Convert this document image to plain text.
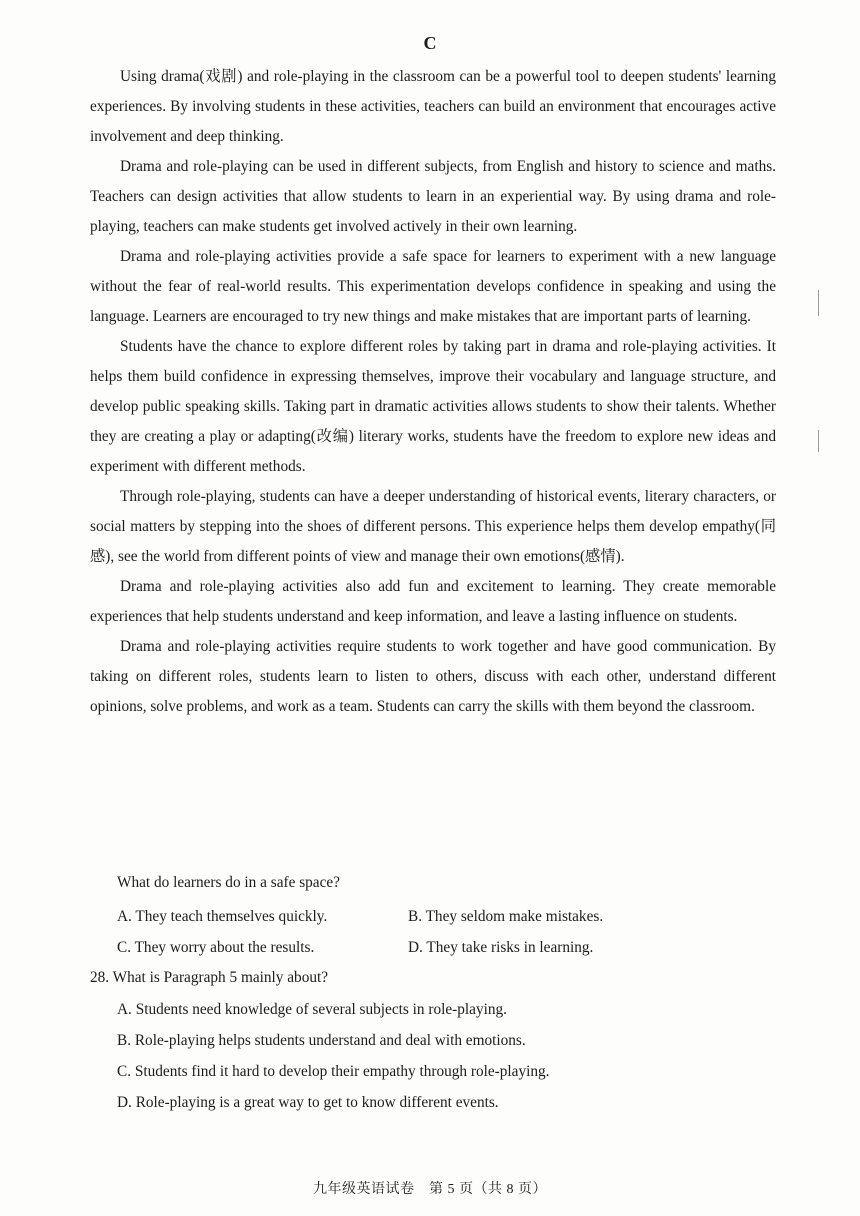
C

Using drama(戏剧) and role-playing in the classroom can be a powerful tool to deepen students' learning experiences. By involving students in these activities, teachers can build an environment that encourages active involvement and deep thinking.

Drama and role-playing can be used in different subjects, from English and history to science and maths. Teachers can design activities that allow students to learn in an experiential way. By using drama and role-playing, teachers can make students get involved actively in their own learning.

Drama and role-playing activities provide a safe space for learners to experiment with a new language without the fear of real-world results. This experimentation develops confidence in speaking and using the language. Learners are encouraged to try new things and make mistakes that are important parts of learning.

Students have the chance to explore different roles by taking part in drama and role-playing activities. It helps them build confidence in expressing themselves, improve their vocabulary and language structure, and develop public speaking skills. Taking part in dramatic activities allows students to show their talents. Whether they are creating a play or adapting(改编) literary works, students have the freedom to explore new ideas and experiment with different methods.

Through role-playing, students can have a deeper understanding of historical events, literary characters, or social matters by stepping into the shoes of different persons. This experience helps them develop empathy(同感), see the world from different points of view and manage their own emotions(感情).

Drama and role-playing activities also add fun and excitement to learning. They create memorable experiences that help students understand and keep information, and leave a lasting influence on students.

Drama and role-playing activities require students to work together and have good communication. By taking on different roles, students learn to listen to others, discuss with each other, understand different opinions, solve problems, and work as a team. Students can carry the skills with them beyond the classroom.

What do learners do in a safe space?
A. They teach themselves quickly.	B. They seldom make mistakes.
C. They worry about the results.	D. They take risks in learning.
28. What is Paragraph 5 mainly about?
A. Students need knowledge of several subjects in role-playing.
B. Role-playing helps students understand and deal with emotions.
C. Students find it hard to develop their empathy through role-playing.
D. Role-playing is a great way to get to know different events.
九年级英语试卷　第 5 页（共 8 页）
